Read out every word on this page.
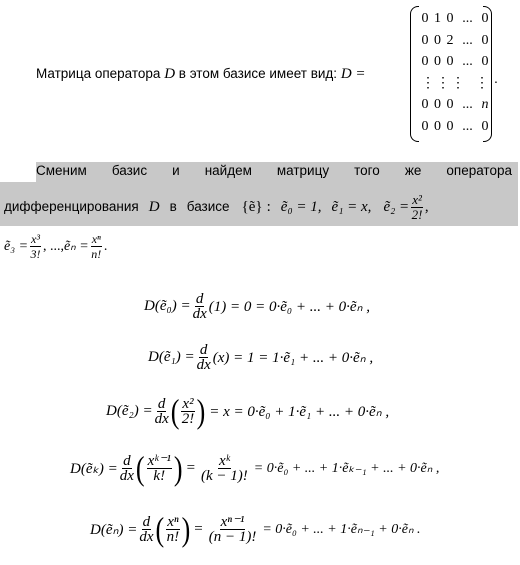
Матрица оператора D в этом базисе имеет вид: D =
0 1 0 ... 0
0 0 2 ... 0
0 0 0 ... 0
⋮ ⋮ ⋮ ⋮
0 0 0 ... n
0 0 0 ... 0
.
Сменим базис и найдем матрицу того же оператора
дифференцирования D в базисе {ẽ} : ẽ₀ = 1, ẽ₁ = x, ẽ₂ = $\frac{\text{x²}}{2!}$ ,
ẽ₃ = $\frac{\text{x³}}{3!}$ , ..., ẽₙ = $\frac{\text{xⁿ}}{n!}$ .
D(ẽ₀) = $\frac{d}{dx} (1) = 0$ = 0·ẽ₀ + ... + 0·ẽₙ ,
D(ẽ₁) = $\frac{d}{dx} (x) = 1$ = 1·ẽ₁ + ... + 0·ẽₙ ,
D(ẽ₂) = $\frac{d}{dx}$ ( $\frac{\text{x²}}{2!}$ ) = x = 0·ẽ₀ + 1·ẽ₁ + ... + 0·ẽₙ ,
D(ẽₖ) = $\frac{d}{dx}$ ( $\frac{\text{xᵏ⁻¹}}{k!}$ ) = $\frac{\text{xᵏ}}{(k - 1)!}$ = 0·ẽ₀ + ... + 1·ẽₖ₋₁ + ... + 0·ẽₙ ,
D(ẽₙ) = $\frac{d}{dx}$ ( $\frac{\text{xⁿ}}{n!}$ ) = $\frac{\text{xⁿ⁻¹}}{(n - 1)!}$ = 0·ẽ₀ + ... + 1·ẽₙ₋₁ + 0·ẽₙ .
